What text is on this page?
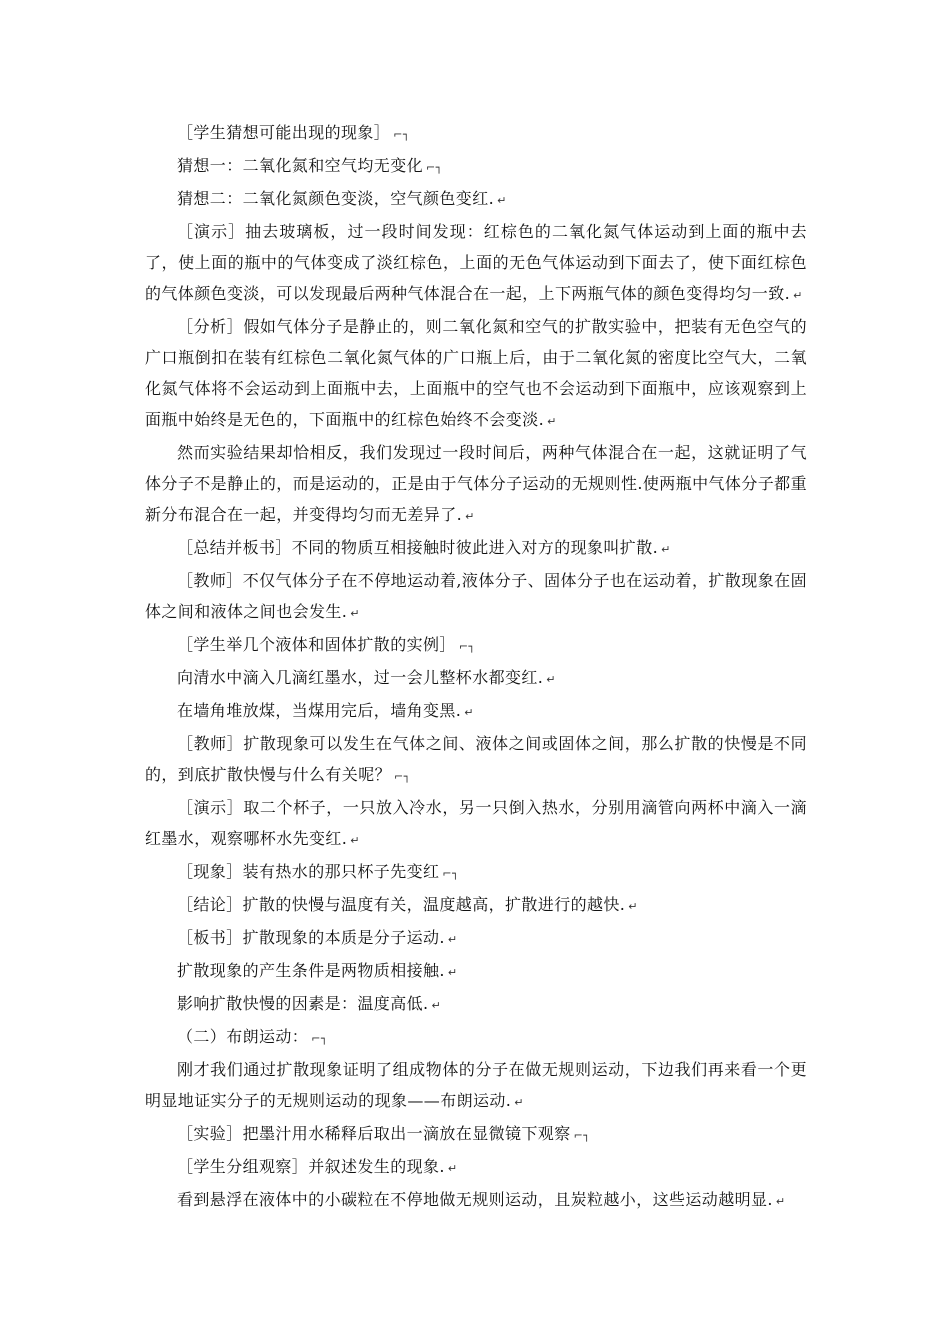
［学生猜想可能出现的现象］ ⌐┐

猜想一：二氧化氮和空气均无变化 ⌐┐

猜想二：二氧化氮颜色变淡，空气颜色变红. ↵

［演示］抽去玻璃板，过一段时间发现：红棕色的二氧化氮气体运动到上面的瓶中去了，使上面的瓶中的气体变成了淡红棕色，上面的无色气体运动到下面去了，使下面红棕色的气体颜色变淡，可以发现最后两种气体混合在一起，上下两瓶气体的颜色变得均匀一致. ↵

［分析］假如气体分子是静止的，则二氧化氮和空气的扩散实验中，把装有无色空气的广口瓶倒扣在装有红棕色二氧化氮气体的广口瓶上后，由于二氧化氮的密度比空气大，二氧化氮气体将不会运动到上面瓶中去，上面瓶中的空气也不会运动到下面瓶中，应该观察到上面瓶中始终是无色的，下面瓶中的红棕色始终不会变淡. ↵

然而实验结果却恰相反，我们发现过一段时间后，两种气体混合在一起，这就证明了气体分子不是静止的，而是运动的，正是由于气体分子运动的无规则性.使两瓶中气体分子都重新分布混合在一起，并变得均匀而无差异了. ↵

［总结并板书］不同的物质互相接触时彼此进入对方的现象叫扩散. ↵

［教师］不仅气体分子在不停地运动着,液体分子、固体分子也在运动着，扩散现象在固体之间和液体之间也会发生. ↵

［学生举几个液体和固体扩散的实例］ ⌐┐

向清水中滴入几滴红墨水，过一会儿整杯水都变红. ↵

在墙角堆放煤，当煤用完后，墙角变黑. ↵

［教师］扩散现象可以发生在气体之间、液体之间或固体之间，那么扩散的快慢是不同的，到底扩散快慢与什么有关呢？ ⌐┐

［演示］取二个杯子，一只放入冷水，另一只倒入热水，分别用滴管向两杯中滴入一滴红墨水，观察哪杯水先变红. ↵

［现象］装有热水的那只杯子先变红 ⌐┐

［结论］扩散的快慢与温度有关，温度越高，扩散进行的越快. ↵

［板书］扩散现象的本质是分子运动. ↵

扩散现象的产生条件是两物质相接触. ↵

影响扩散快慢的因素是：温度高低. ↵

（二）布朗运动： ⌐┐

刚才我们通过扩散现象证明了组成物体的分子在做无规则运动，下边我们再来看一个更明显地证实分子的无规则运动的现象——布朗运动. ↵

［实验］把墨汁用水稀释后取出一滴放在显微镜下观察 ⌐┐

［学生分组观察］并叙述发生的现象. ↵

看到悬浮在液体中的小碳粒在不停地做无规则运动，且炭粒越小，这些运动越明显. ↵
